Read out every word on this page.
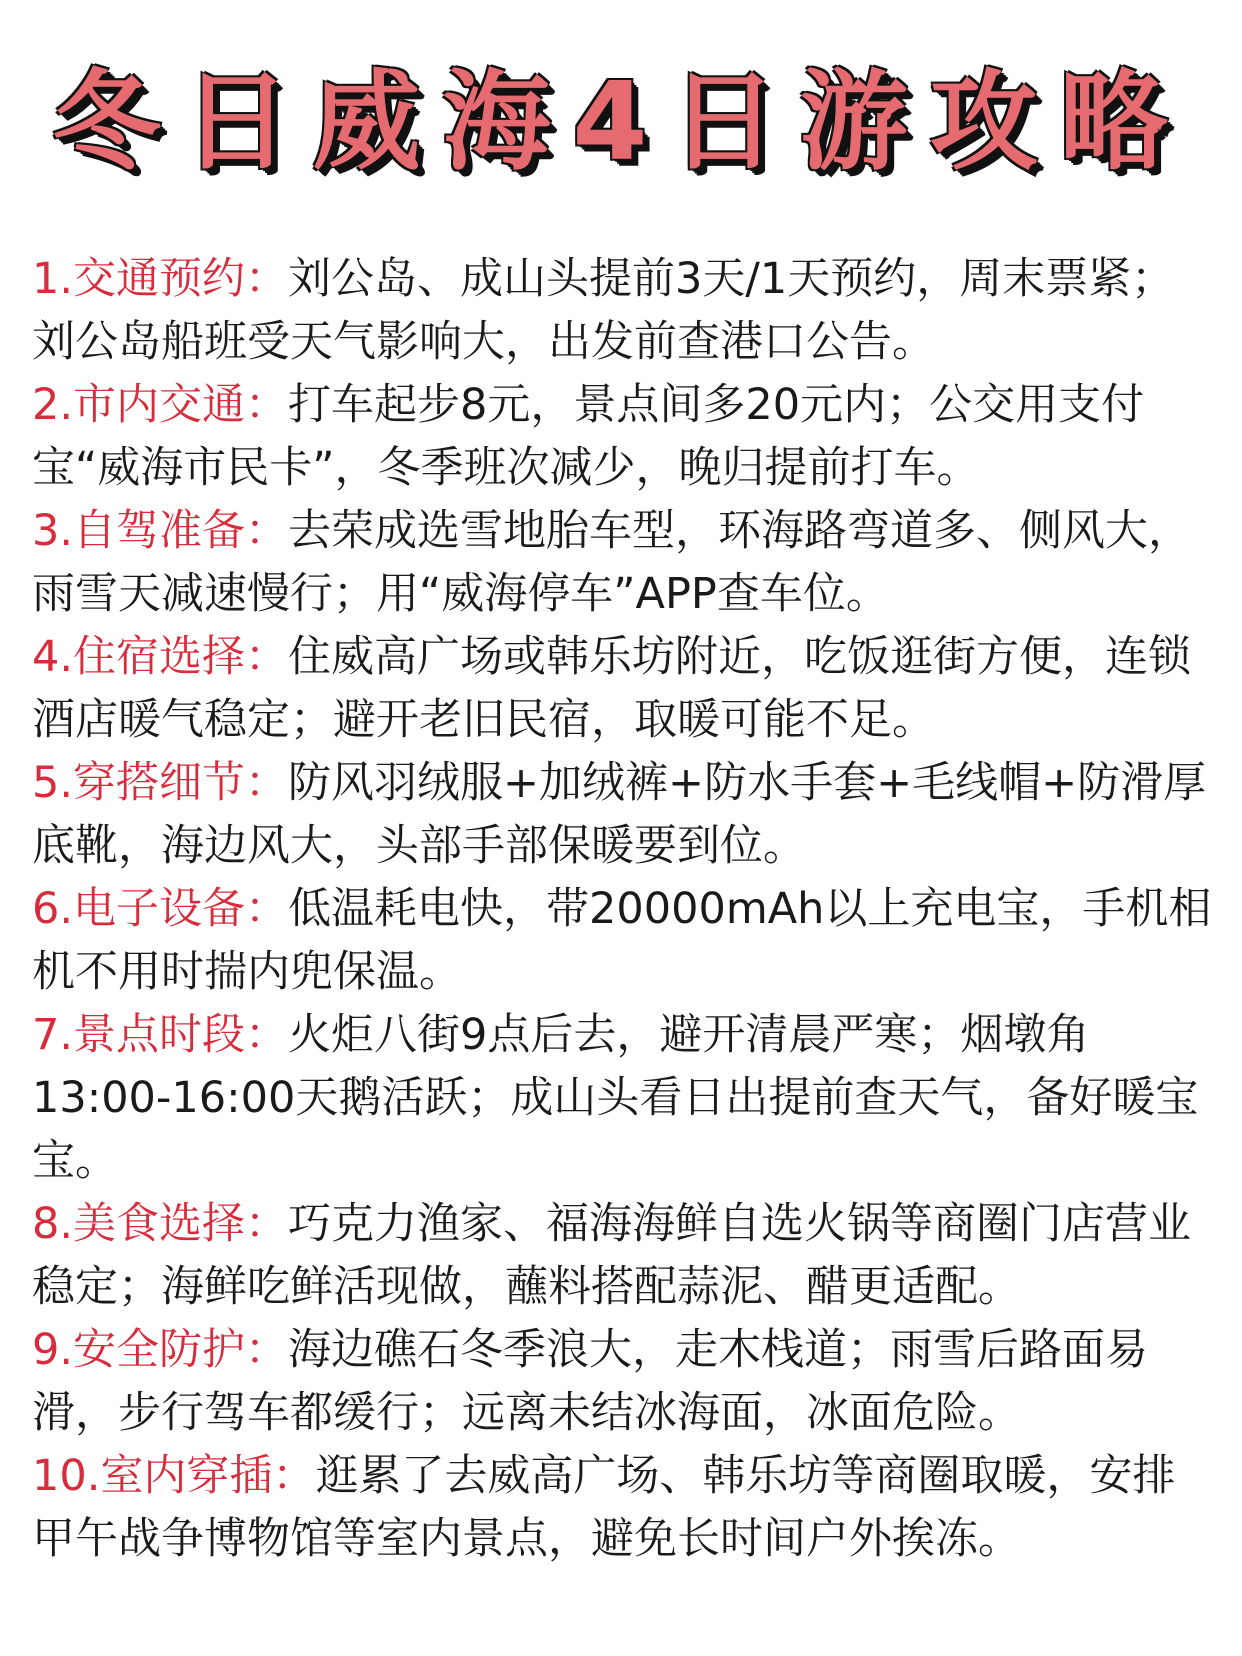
冬日威海4日游攻略

1.交通预约：刘公岛、成山头提前3天/1天预约，周末票紧；刘公岛船班受天气影响大，出发前查港口公告。

2.市内交通：打车起步8元，景点间多20元内；公交用支付宝“威海市民卡”，冬季班次减少，晚归提前打车。

3.自驾准备：去荣成选雪地胎车型，环海路弯道多、侧风大，雨雪天减速慢行；用“威海停车”APP查车位。

4.住宿选择：住威高广场或韩乐坊附近，吃饭逛街方便，连锁酒店暖气稳定；避开老旧民宿，取暖可能不足。

5.穿搭细节：防风羽绒服+加绒裤+防水手套+毛线帽+防滑厚底靴，海边风大，头部手部保暖要到位。

6.电子设备：低温耗电快，带20000mAh以上充电宝，手机相机不用时揣内兜保温。

7.景点时段：火炬八街9点后去，避开清晨严寒；烟墩角13:00-16:00天鹅活跃；成山头看日出提前查天气，备好暖宝宝。

8.美食选择：巧克力渔家、福海海鲜自选火锅等商圈门店营业稳定；海鲜吃鲜活现做，蘸料搭配蒜泥、醋更适配。

9.安全防护：海边礁石冬季浪大，走木栈道；雨雪后路面易滑，步行驾车都缓行；远离未结冰海面，冰面危险。

10.室内穿插：逛累了去威高广场、韩乐坊等商圈取暖，安排甲午战争博物馆等室内景点，避免长时间户外挨冻。
